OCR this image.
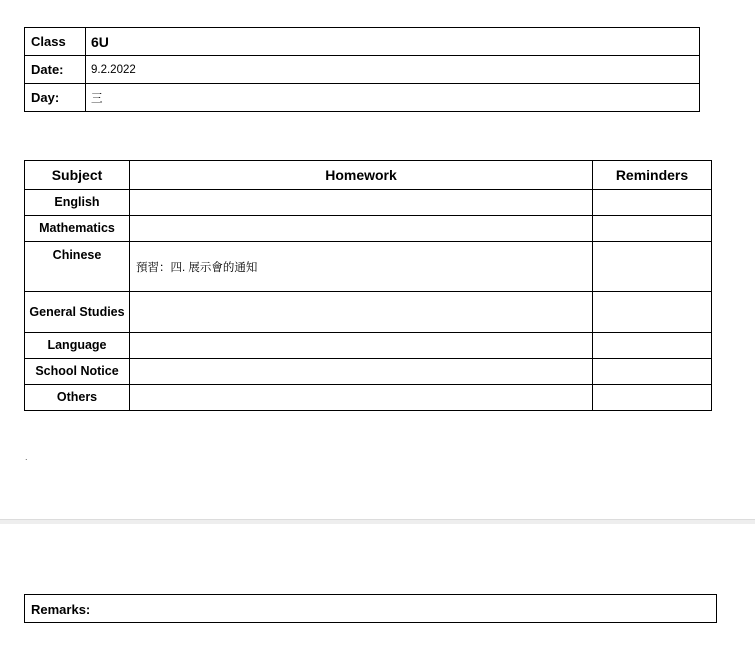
Class	6U
Date:	9.2.2022
Day:	三
Subject	Homework	Reminders
English		
Mathematics		
Chinese	預習：四. 展示會的通知	
General Studies		
Language		
School Notice		
Others		
.
Remarks:
